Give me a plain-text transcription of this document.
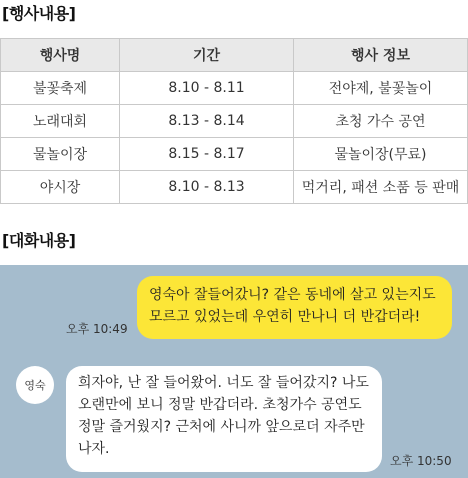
[행사내용]
행사명	기간	행사 정보
불꽃축제	8.10 - 8.11	전야제, 불꽃놀이
노래대회	8.13 - 8.14	초청 가수 공연
물놀이장	8.15 - 8.17	물놀이장(무료)
야시장	8.10 - 8.13	먹거리, 패션 소품 등 판매
[대화내용]
영숙아 잘들어갔니? 같은 동네에 살고 있는지도 모르고 있었는데 우연히 만나니 더 반갑더라!
오후 10:49
영숙	희자야, 난 잘 들어왔어. 너도 잘 들어갔지? 나도 오랜만에 보니 정말 반갑더라. 초청가수 공연도 정말 즐거웠지? 근처에 사니까 앞으로더 자주만 나자.
오후 10:50
